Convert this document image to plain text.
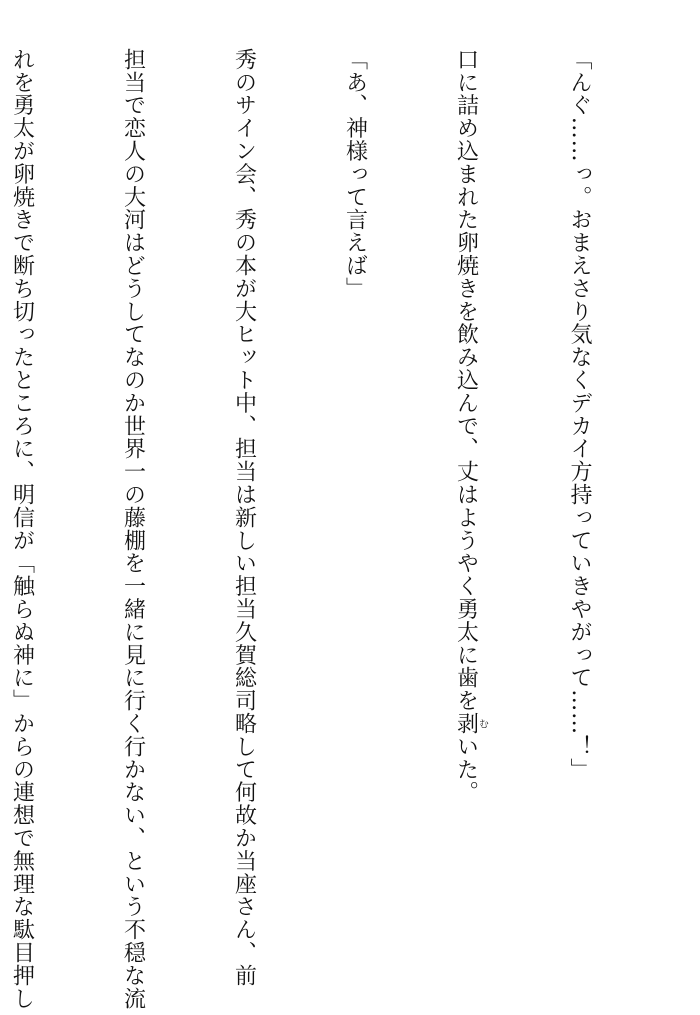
「んぐ……っ。おまえさり気なくデカイ方持っていきやがって……！」

口に詰め込まれた卵焼きを飲み込んで、丈はようやく勇太に歯を剥むいた。

「あ、神様って言えば」

秀のサイン会、秀の本が大ヒット中、担当は新しい担当久賀総司略して何故か当座さん、前

担当で恋人の大河はどうしてなのか世界一の藤棚を一緒に見に行く行かない、という不穏な流

れを勇太が卵焼きで断ち切ったところに、明信が「触らぬ神に」からの連想で無理な駄目押し
